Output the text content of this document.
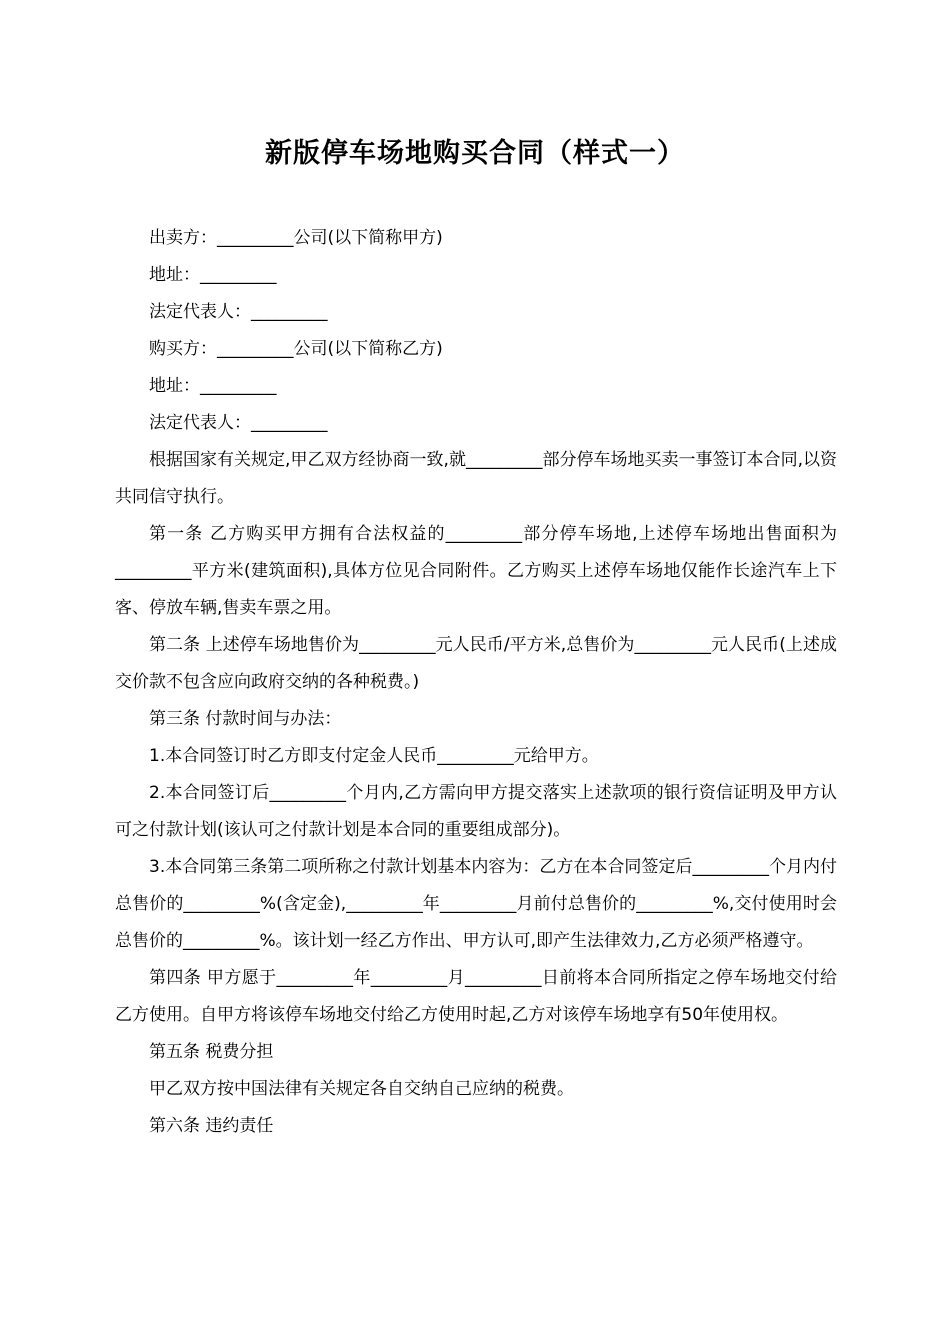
新版停车场地购买合同（样式一）

出卖方：_________公司(以下简称甲方)

地址：_________

法定代表人：_________

购买方：_________公司(以下简称乙方)

地址：_________

法定代表人：_________

根据国家有关规定,甲乙双方经协商一致,就_________部分停车场地买卖一事签订本合同,以资共同信守执行。

第一条 乙方购买甲方拥有合法权益的_________部分停车场地,上述停车场地出售面积为_________平方米(建筑面积),具体方位见合同附件。乙方购买上述停车场地仅能作长途汽车上下客、停放车辆,售卖车票之用。

第二条 上述停车场地售价为_________元人民币/平方米,总售价为_________元人民币(上述成交价款不包含应向政府交纳的各种税费。)

第三条 付款时间与办法：

1.本合同签订时乙方即支付定金人民币_________元给甲方。

2.本合同签订后_________个月内,乙方需向甲方提交落实上述款项的银行资信证明及甲方认可之付款计划(该认可之付款计划是本合同的重要组成部分)。

3.本合同第三条第二项所称之付款计划基本内容为：乙方在本合同签定后_________个月内付总售价的_________%(含定金),_________年_________月前付总售价的_________%,交付使用时会总售价的_________%。该计划一经乙方作出、甲方认可,即产生法律效力,乙方必须严格遵守。

第四条 甲方愿于_________年_________月_________日前将本合同所指定之停车场地交付给乙方使用。自甲方将该停车场地交付给乙方使用时起,乙方对该停车场地享有50年使用权。

第五条 税费分担

甲乙双方按中国法律有关规定各自交纳自己应纳的税费。

第六条 违约责任
